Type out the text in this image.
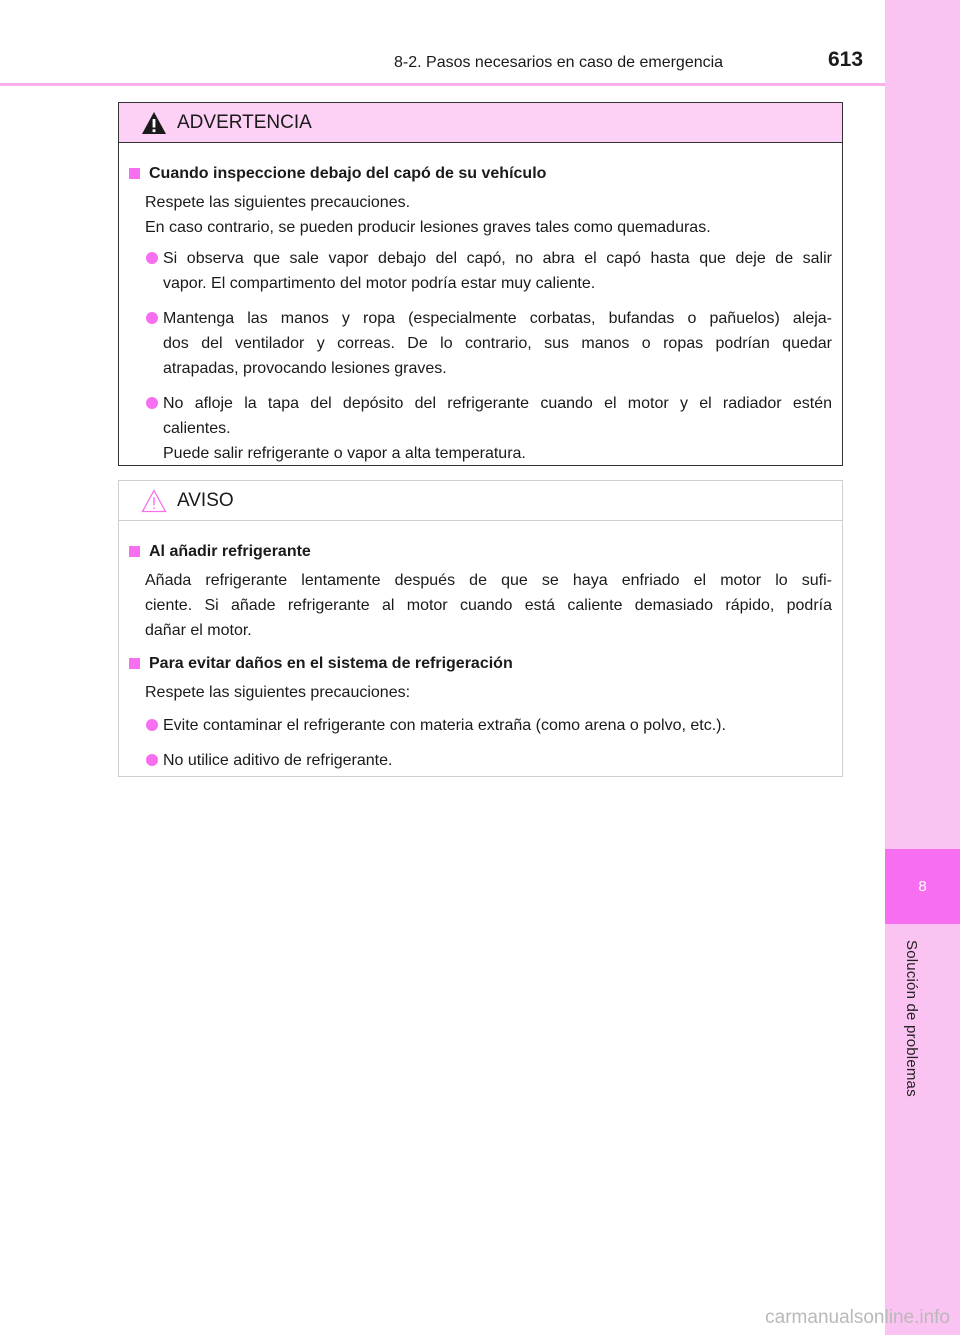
8-2. Pasos necesarios en caso de emergencia	613
8
Solución de problemas
ADVERTENCIA
Cuando inspeccione debajo del capó de su vehículo
Respete las siguientes precauciones.
En caso contrario, se pueden producir lesiones graves tales como quemaduras.
Si observa que sale vapor debajo del capó, no abra el capó hasta que deje de salir
vapor. El compartimento del motor podría estar muy caliente.
Mantenga las manos y ropa (especialmente corbatas, bufandas o pañuelos) aleja-
dos del ventilador y correas. De lo contrario, sus manos o ropas podrían quedar
atrapadas, provocando lesiones graves.
No afloje la tapa del depósito del refrigerante cuando el motor y el radiador estén
calientes.
Puede salir refrigerante o vapor a alta temperatura.
AVISO
Al añadir refrigerante
Añada refrigerante lentamente después de que se haya enfriado el motor lo sufi-
ciente. Si añade refrigerante al motor cuando está caliente demasiado rápido, podría
dañar el motor.
Para evitar daños en el sistema de refrigeración
Respete las siguientes precauciones:
Evite contaminar el refrigerante con materia extraña (como arena o polvo, etc.).
No utilice aditivo de refrigerante.
carmanualsonline.info
